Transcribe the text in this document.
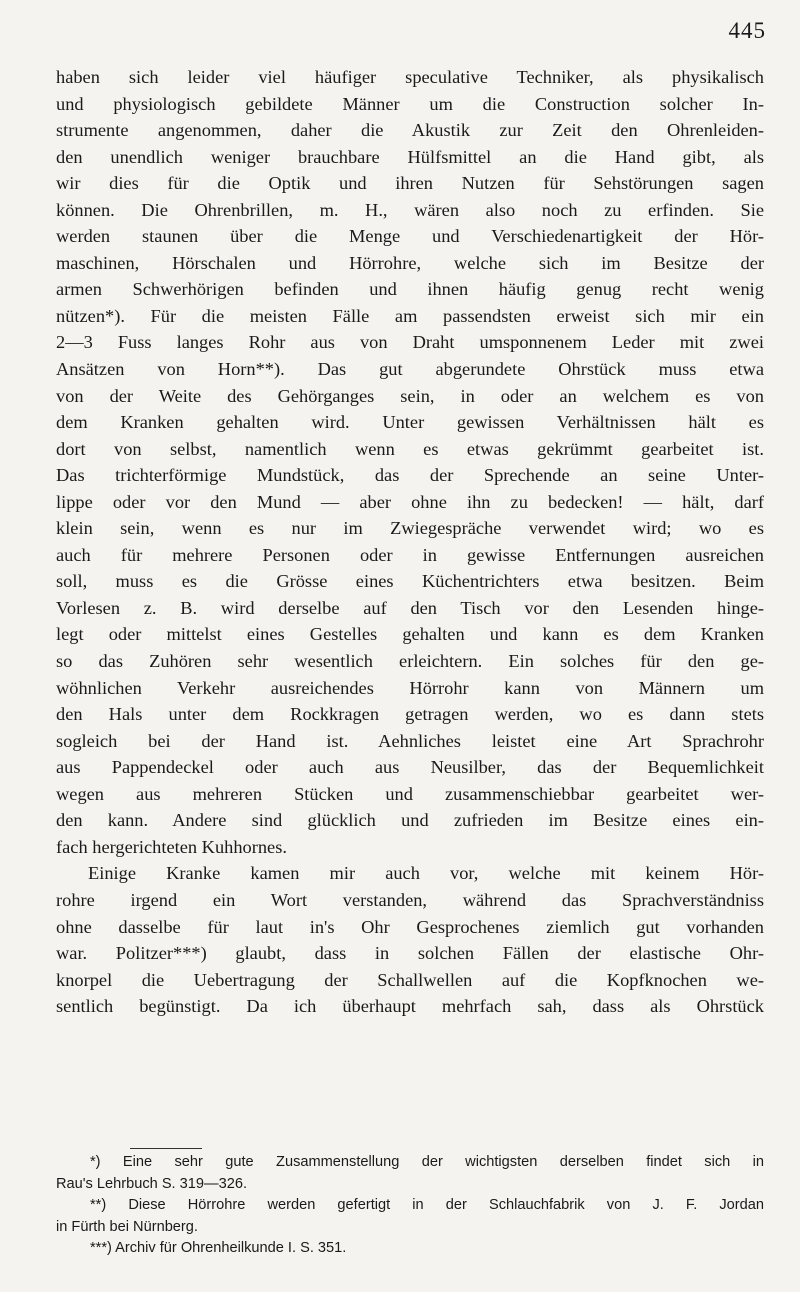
445
haben sich leider viel häufiger speculative Techniker, als physikalisch
und physiologisch gebildete Männer um die Construction solcher In-
strumente angenommen, daher die Akustik zur Zeit den Ohrenleiden-
den unendlich weniger brauchbare Hülfsmittel an die Hand gibt, als
wir dies für die Optik und ihren Nutzen für Sehstörungen sagen
können. Die Ohrenbrillen, m. H., wären also noch zu erfinden. Sie
werden staunen über die Menge und Verschiedenartigkeit der Hör-
maschinen, Hörschalen und Hörrohre, welche sich im Besitze der
armen Schwerhörigen befinden und ihnen häufig genug recht wenig
nützen*). Für die meisten Fälle am passendsten erweist sich mir ein
2—3 Fuss langes Rohr aus von Draht umsponnenem Leder mit zwei
Ansätzen von Horn**). Das gut abgerundete Ohrstück muss etwa
von der Weite des Gehörganges sein, in oder an welchem es von
dem Kranken gehalten wird. Unter gewissen Verhältnissen hält es
dort von selbst, namentlich wenn es etwas gekrümmt gearbeitet ist.
Das trichterförmige Mundstück, das der Sprechende an seine Unter-
lippe oder vor den Mund — aber ohne ihn zu bedecken! — hält, darf
klein sein, wenn es nur im Zwiegespräche verwendet wird; wo es
auch für mehrere Personen oder in gewisse Entfernungen ausreichen
soll, muss es die Grösse eines Küchentrichters etwa besitzen. Beim
Vorlesen z. B. wird derselbe auf den Tisch vor den Lesenden hinge-
legt oder mittelst eines Gestelles gehalten und kann es dem Kranken
so das Zuhören sehr wesentlich erleichtern. Ein solches für den ge-
wöhnlichen Verkehr ausreichendes Hörrohr kann von Männern um
den Hals unter dem Rockkragen getragen werden, wo es dann stets
sogleich bei der Hand ist. Aehnliches leistet eine Art Sprachrohr
aus Pappendeckel oder auch aus Neusilber, das der Bequemlichkeit
wegen aus mehreren Stücken und zusammenschiebbar gearbeitet wer-
den kann. Andere sind glücklich und zufrieden im Besitze eines ein-
fach hergerichteten Kuhhornes.
Einige Kranke kamen mir auch vor, welche mit keinem Hör-
rohre irgend ein Wort verstanden, während das Sprachverständniss
ohne dasselbe für laut in's Ohr Gesprochenes ziemlich gut vorhanden
war. Politzer***) glaubt, dass in solchen Fällen der elastische Ohr-
knorpel die Uebertragung der Schallwellen auf die Kopfknochen we-
sentlich begünstigt. Da ich überhaupt mehrfach sah, dass als Ohrstück
*) Eine sehr gute Zusammenstellung der wichtigsten derselben findet sich in
Rau's Lehrbuch S. 319—326.
**) Diese Hörrohre werden gefertigt in der Schlauchfabrik von J. F. Jordan
in Fürth bei Nürnberg.
***) Archiv für Ohrenheilkunde I. S. 351.
